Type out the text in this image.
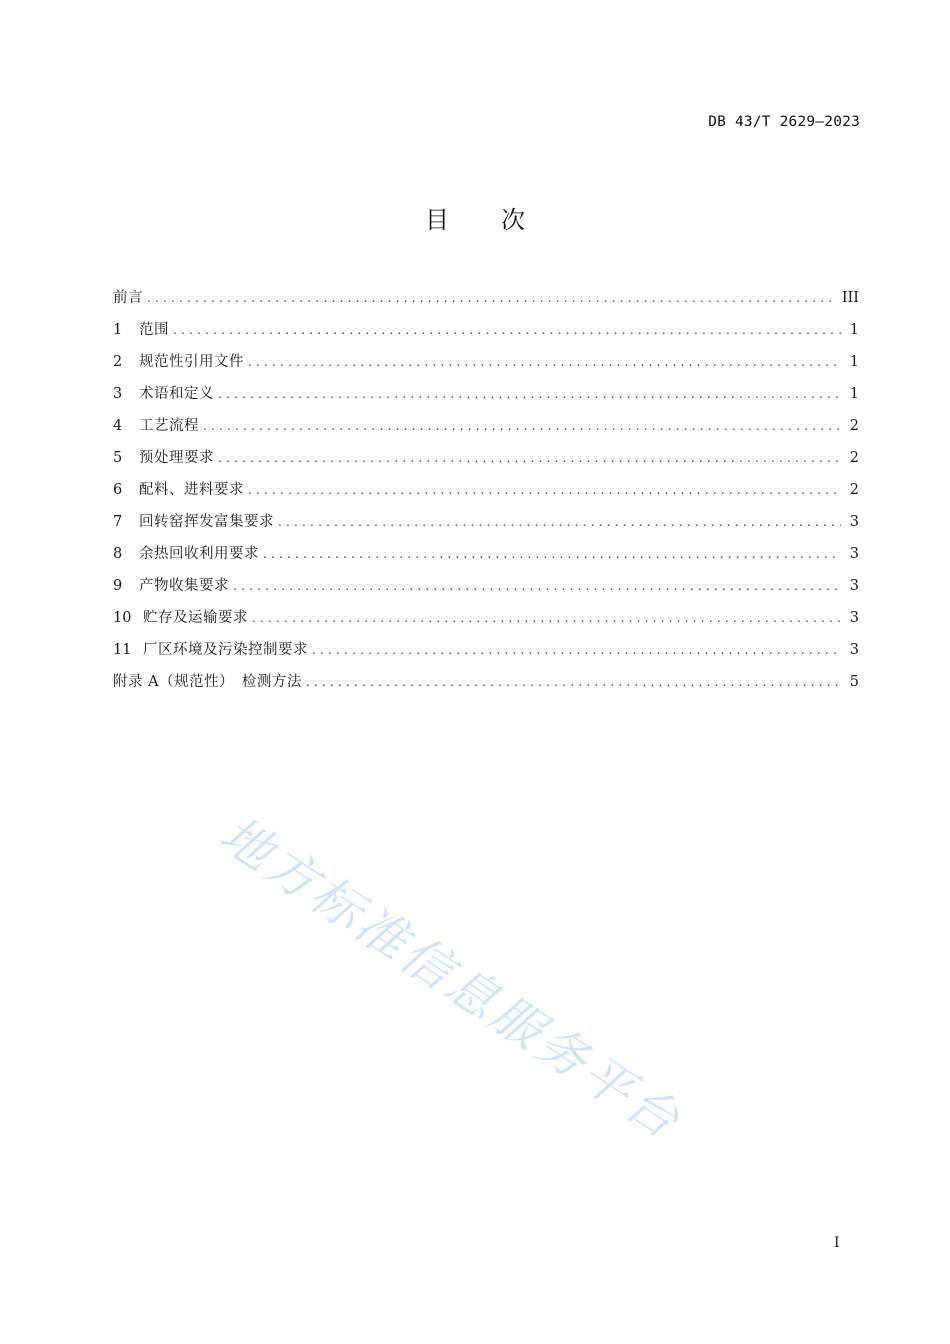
DB 43/T 2629—2023
目 次
前言 .....	III
1	范围 .....	1
2	规范性引用文件 .....	1
3	术语和定义 .....	1
4	工艺流程 .....	2
5	预处理要求 .....	2
6	配料、进料要求 .....	2
7	回转窑挥发富集要求 .....	3
8	余热回收利用要求 .....	3
9	产物收集要求 .....	3
10 贮存及运输要求 .....	3
11 厂区环境及污染控制要求 .....	3
附录 A（规范性）　检测方法 .....	5
地方标准信息服务平台
I
